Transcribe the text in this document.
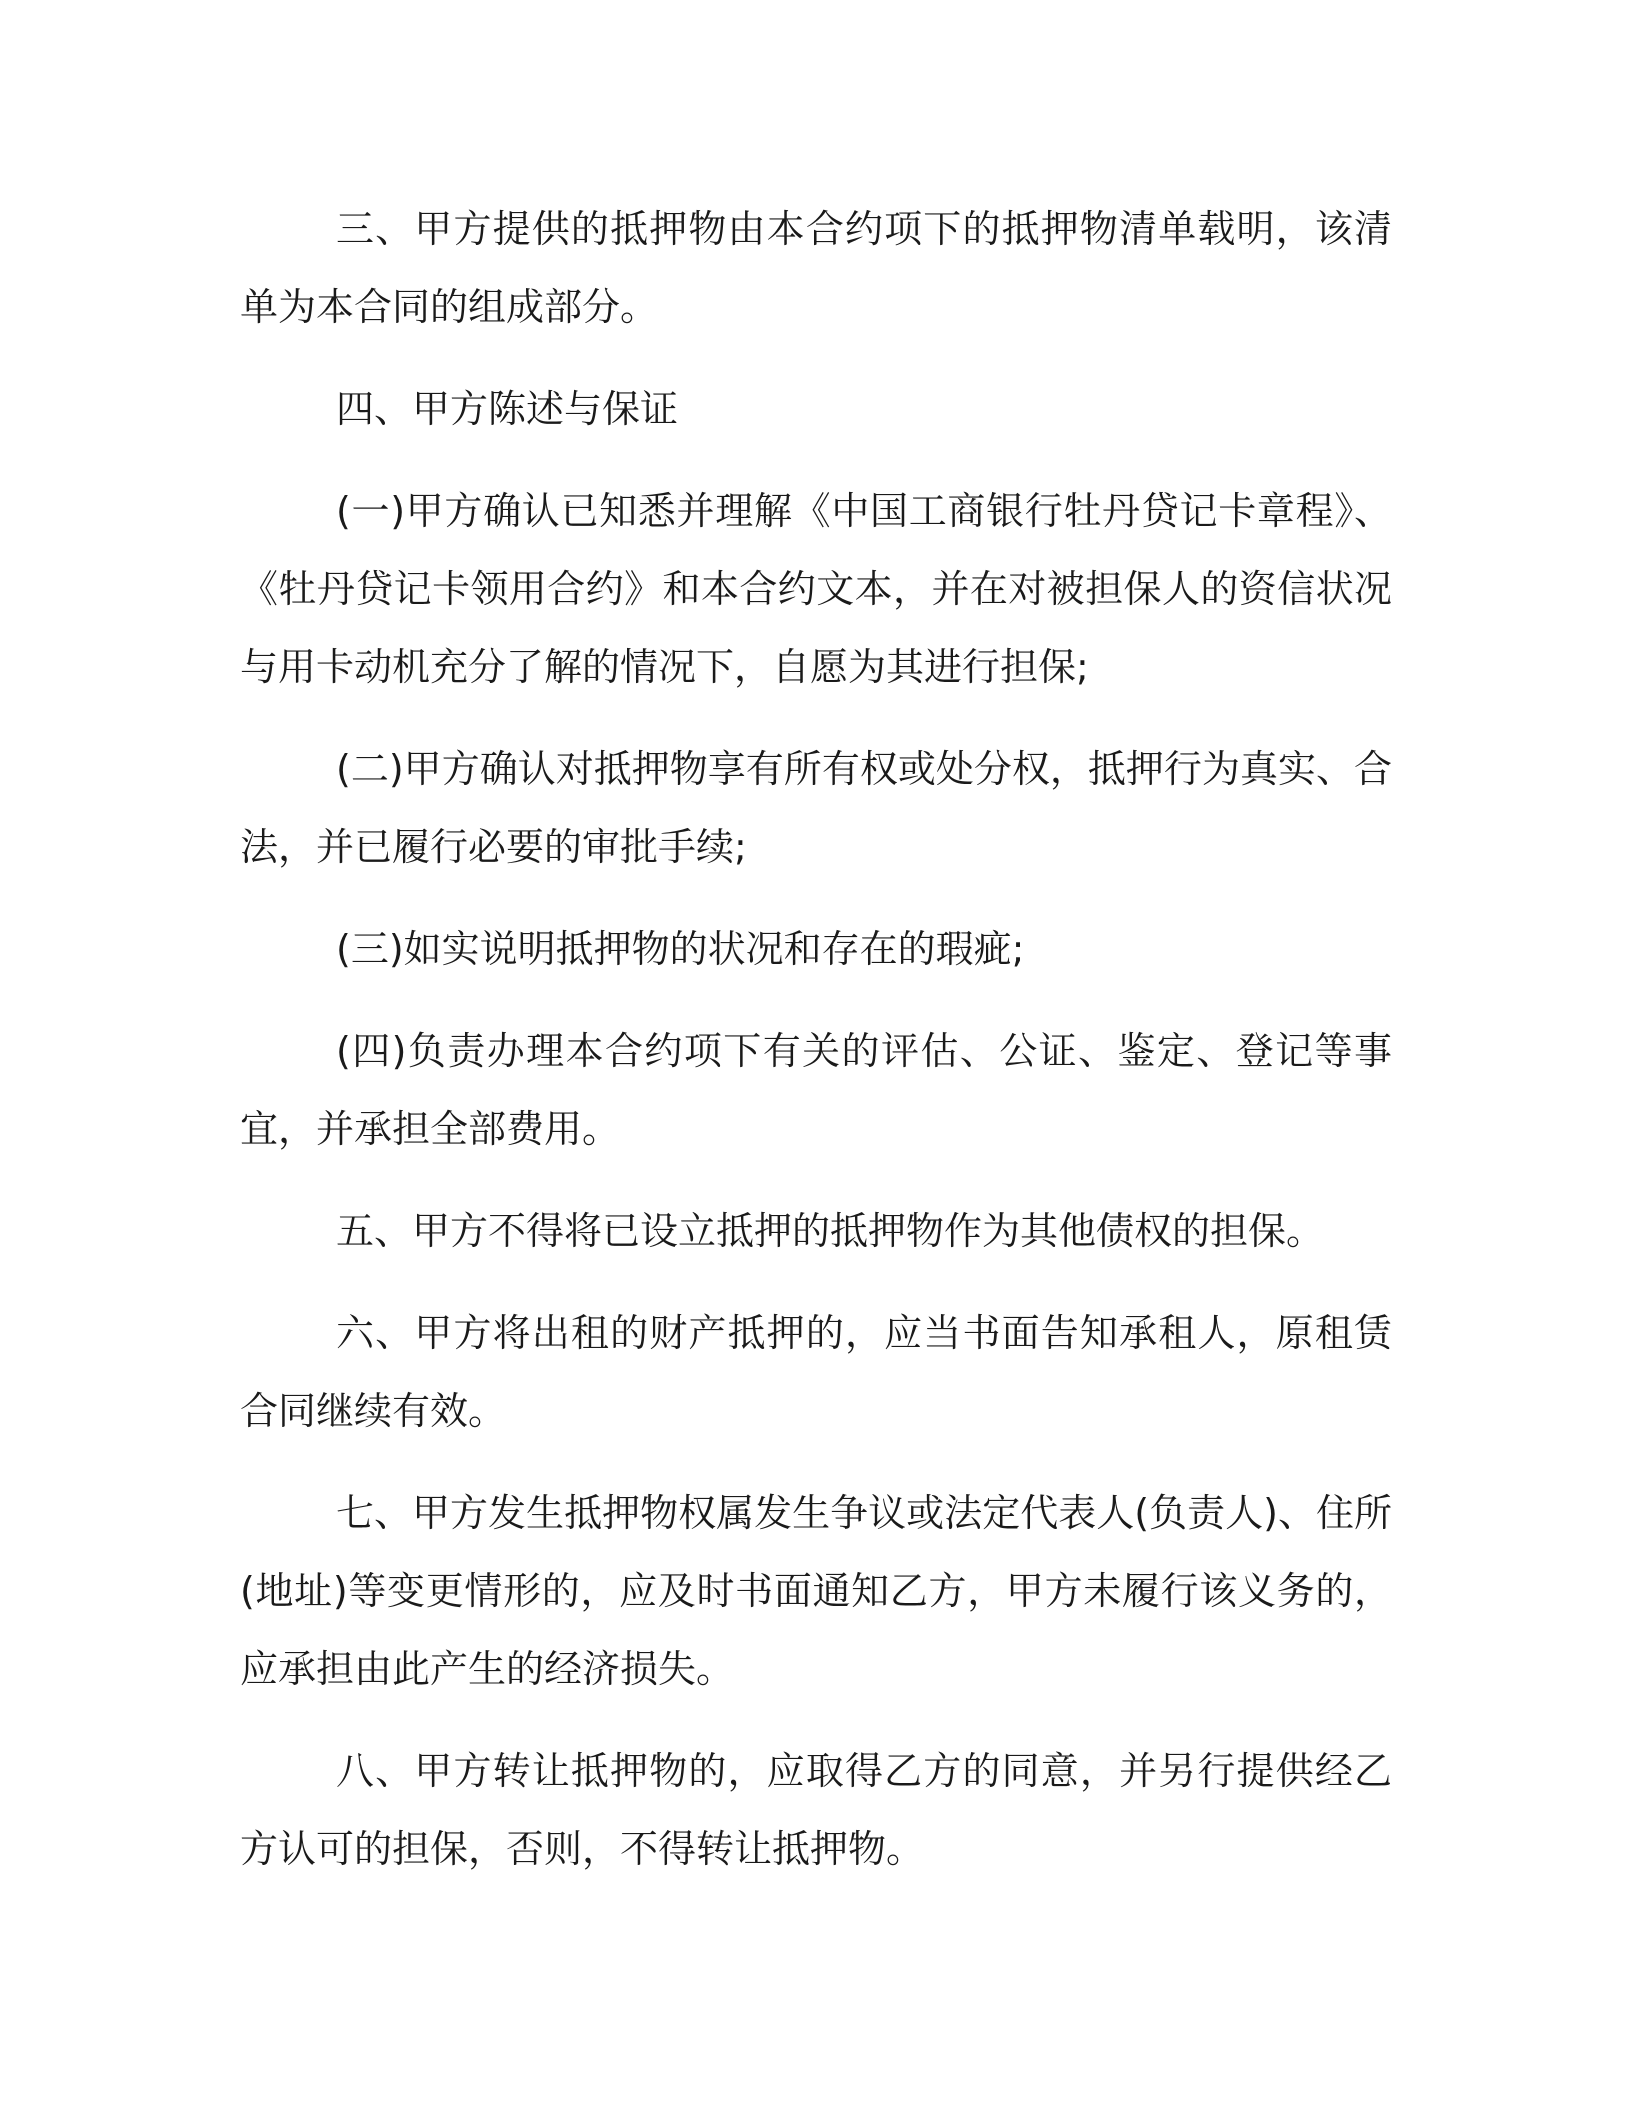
三、甲方提供的抵押物由本合约项下的抵押物清单载明，该清单为本合同的组成部分。

四、甲方陈述与保证

(一)甲方确认已知悉并理解《中国工商银行牡丹贷记卡章程》、《牡丹贷记卡领用合约》和本合约文本，并在对被担保人的资信状况与用卡动机充分了解的情况下，自愿为其进行担保;

(二)甲方确认对抵押物享有所有权或处分权，抵押行为真实、合法，并已履行必要的审批手续;

(三)如实说明抵押物的状况和存在的瑕疵;

(四)负责办理本合约项下有关的评估、公证、鉴定、登记等事宜，并承担全部费用。

五、甲方不得将已设立抵押的抵押物作为其他债权的担保。

六、甲方将出租的财产抵押的，应当书面告知承租人，原租赁合同继续有效。

七、甲方发生抵押物权属发生争议或法定代表人(负责人)、住所(地址)等变更情形的，应及时书面通知乙方，甲方未履行该义务的，应承担由此产生的经济损失。

八、甲方转让抵押物的，应取得乙方的同意，并另行提供经乙方认可的担保，否则，不得转让抵押物。
